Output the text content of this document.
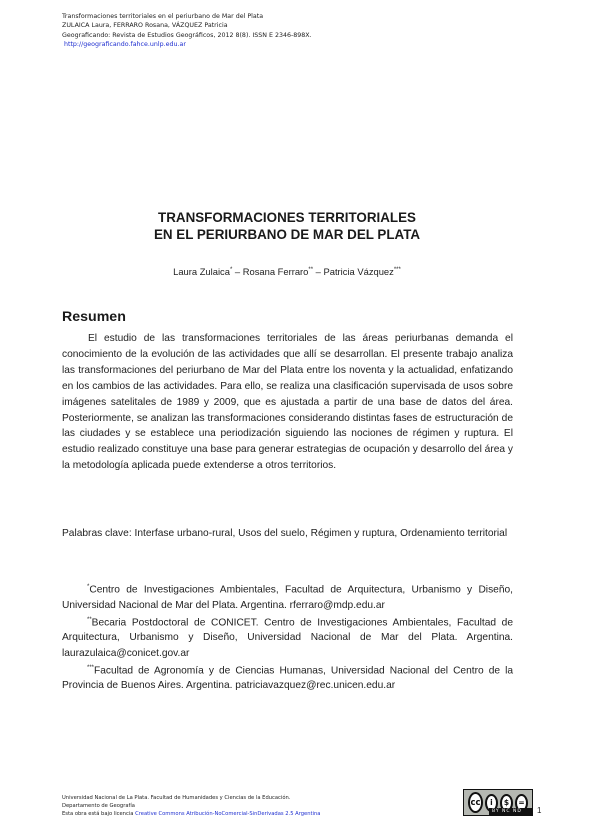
Transformaciones territoriales en el periurbano de Mar del Plata
ZULAICA Laura, FERRARO Rosana, VÁZQUEZ Patricia
Geograficando: Revista de Estudios Geográficos, 2012 8(8). ISSN E 2346-898X.
http://geograficando.fahce.unlp.edu.ar
TRANSFORMACIONES TERRITORIALES
EN EL PERIURBANO DE MAR DEL PLATA
Laura Zulaica* – Rosana Ferraro** – Patricia Vázquez***
Resumen

El estudio de las transformaciones territoriales de las áreas periurbanas demanda el conocimiento de la evolución de las actividades que allí se desarrollan. El presente trabajo analiza las transformaciones del periurbano de Mar del Plata entre los noventa y la actualidad, enfatizando en los cambios de las actividades. Para ello, se realiza una clasificación supervisada de usos sobre imágenes satelitales de 1989 y 2009, que es ajustada a partir de una base de datos del área. Posteriormente, se analizan las transformaciones considerando distintas fases de estructuración de las ciudades y se establece una periodización siguiendo las nociones de régimen y ruptura. El estudio realizado constituye una base para generar estrategias de ocupación y desarrollo del área y la metodología aplicada puede extenderse a otros territorios.

Palabras clave: Interfase urbano-rural, Usos del suelo, Régimen y ruptura, Ordenamiento territorial

*Centro de Investigaciones Ambientales, Facultad de Arquitectura, Urbanismo y Diseño, Universidad Nacional de Mar del Plata. Argentina. rferraro@mdp.edu.ar

**Becaria Postdoctoral de CONICET. Centro de Investigaciones Ambientales, Facultad de Arquitectura, Urbanismo y Diseño, Universidad Nacional de Mar del Plata. Argentina. laurazulaica@conicet.gov.ar

***Facultad de Agronomía y de Ciencias Humanas, Universidad Nacional del Centro de la Provincia de Buenos Aires. Argentina. patriciavazquez@rec.unicen.edu.ar

Universidad Nacional de La Plata. Facultad de Humanidades y Ciencias de la Educación.
Departamento de Geografía
Esta obra está bajo licencia Creative Commons Atribución-NoComercial-SinDerivadas 2.5 Argentina
cc	i	$	=
BY NC ND	1
